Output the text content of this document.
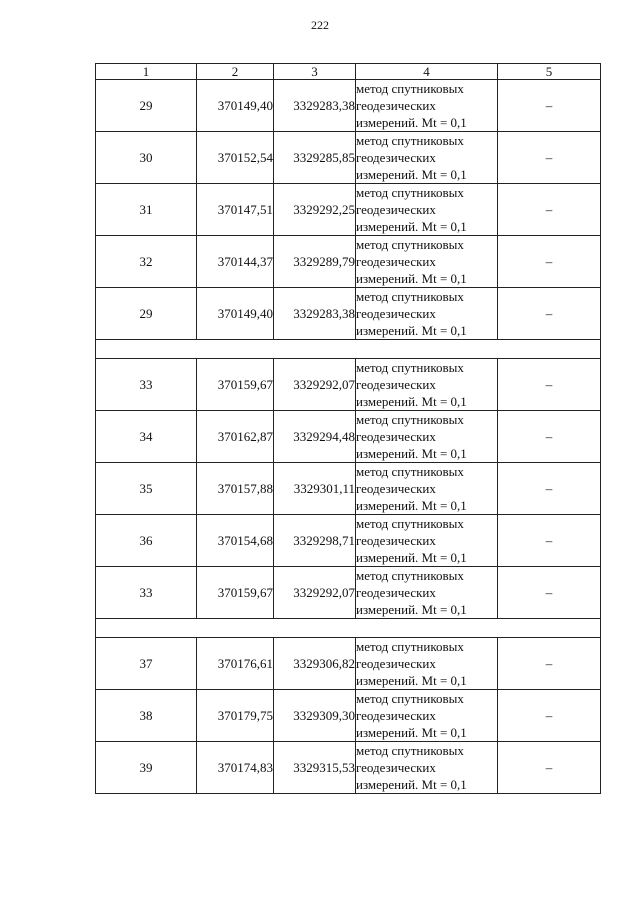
222
1	2	3	4	5
29	370149,40	3329283,38	метод спутниковых
геодезических
измерений. Mt = 0,1	–
30	370152,54	3329285,85	метод спутниковых
геодезических
измерений. Mt = 0,1	–
31	370147,51	3329292,25	метод спутниковых
геодезических
измерений. Mt = 0,1	–
32	370144,37	3329289,79	метод спутниковых
геодезических
измерений. Mt = 0,1	–
29	370149,40	3329283,38	метод спутниковых
геодезических
измерений. Mt = 0,1	–

33	370159,67	3329292,07	метод спутниковых
геодезических
измерений. Mt = 0,1	–
34	370162,87	3329294,48	метод спутниковых
геодезических
измерений. Mt = 0,1	–
35	370157,88	3329301,11	метод спутниковых
геодезических
измерений. Mt = 0,1	–
36	370154,68	3329298,71	метод спутниковых
геодезических
измерений. Mt = 0,1	–
33	370159,67	3329292,07	метод спутниковых
геодезических
измерений. Mt = 0,1	–

37	370176,61	3329306,82	метод спутниковых
геодезических
измерений. Mt = 0,1	–
38	370179,75	3329309,30	метод спутниковых
геодезических
измерений. Mt = 0,1	–
39	370174,83	3329315,53	метод спутниковых
геодезических
измерений. Mt = 0,1	–
